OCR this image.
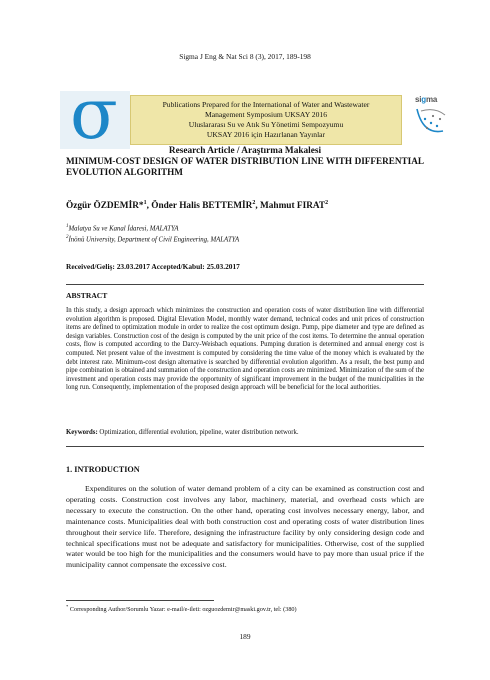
Sigma J Eng & Nat Sci 8 (3), 2017, 189-198
σ	Publications Prepared for the International of Water and Wastewater
Management Symposium UKSAY 2016
Uluslararası Su ve Atık Su Yönetimi Sempozyumu
UKSAY 2016 için Hazırlanan Yayınlar
sigma
Research Article / Araştırma Makalesi
MINIMUM-COST DESIGN OF WATER DISTRIBUTION LINE WITH DIFFERENTIAL EVOLUTION ALGORITHM
Özgür ÖZDEMİR*$^1$, Önder Halis BETTEMİR$^2$, Mahmut FIRAT$^2$
$^1$Malatya Su ve Kanal İdaresi, MALATYA
$^2$İnönü University, Department of Civil Engineering, MALATYA
Received/Geliş: 23.03.2017 Accepted/Kabul: 25.03.2017
ABSTRACT
In this study, a design approach which minimizes the construction and operation costs of water distribution line with differential evolution algorithm is proposed. Digital Elevation Model, monthly water demand, technical codes and unit prices of construction items are defined to optimization module in order to realize the cost optimum design. Pump, pipe diameter and type are defined as design variables. Construction cost of the design is computed by the unit price of the cost items. To determine the annual operation costs, flow is computed according to the Darcy-Weisbach equations. Pumping duration is determined and annual energy cost is computed. Net present value of the investment is computed by considering the time value of the money which is evaluated by the debt interest rate. Minimum-cost design alternative is searched by differential evolution algorithm. As a result, the best pump and pipe combination is obtained and summation of the construction and operation costs are minimized. Minimization of the sum of the investment and operation costs may provide the opportunity of significant improvement in the budget of the municipalities in the long run. Consequently, implementation of the proposed design approach will be beneficial for the local authorities.
Keywords: Optimization, differential evolution, pipeline, water distribution network.
1. INTRODUCTION
Expenditures on the solution of water demand problem of a city can be examined as construction cost and operating costs. Construction cost involves any labor, machinery, material, and overhead costs which are necessary to execute the construction. On the other hand, operating cost involves necessary energy, labor, and maintenance costs. Municipalities deal with both construction cost and operating costs of water distribution lines throughout their service life. Therefore, designing the infrastructure facility by only considering design code and technical specifications must not be adequate and satisfactory for municipalities. Otherwise, cost of the supplied water would be too high for the municipalities and the consumers would have to pay more than usual price if the municipality cannot compensate the excessive cost.
* Corresponding Author/Sorumlu Yazar: e-mail/e-ileti: ozguozdemir@maski.gov.tr, tel: (380)
189
